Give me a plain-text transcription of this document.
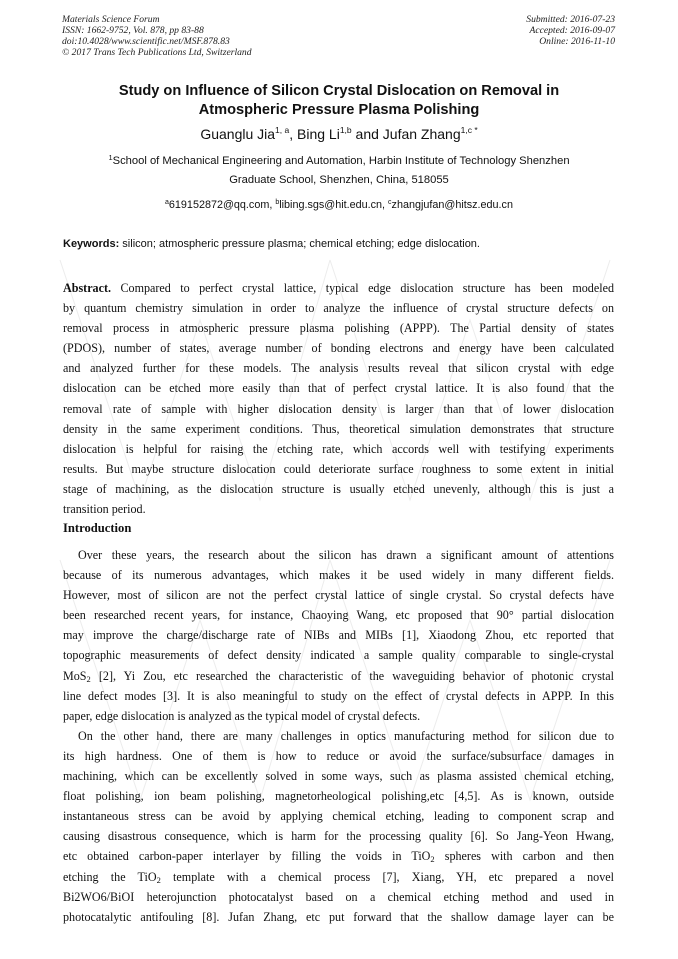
Materials Science Forum
ISSN: 1662-9752, Vol. 878, pp 83-88
doi:10.4028/www.scientific.net/MSF.878.83
© 2017 Trans Tech Publications Ltd, Switzerland
Submitted: 2016-07-23
Accepted: 2016-09-07
Online: 2016-11-10
Study on Influence of Silicon Crystal Dislocation on Removal in
Atmospheric Pressure Plasma Polishing
Guanglu Jia$^{1, a}$, Bing Li$^{1,b}$ and Jufan Zhang$^{1,c *}$
$^1$School of Mechanical Engineering and Automation, Harbin Institute of Technology Shenzhen
Graduate School, Shenzhen, China, 518055
$^a$619152872@qq.com, $^b$libing.sgs@hit.edu.cn, $^c$zhangjufan@hitsz.edu.cn
Keywords: silicon; atmospheric pressure plasma; chemical etching; edge dislocation.
Abstract. Compared to perfect crystal lattice, typical edge dislocation structure has been modeled
by quantum chemistry simulation in order to analyze the influence of crystal structure defects on
removal process in atmospheric pressure plasma polishing (APPP). The Partial density of states
(PDOS), number of states, average number of bonding electrons and energy have been calculated
and analyzed further for these models. The analysis results reveal that silicon crystal with edge
dislocation can be etched more easily than that of perfect crystal lattice. It is also found that the
removal rate of sample with higher dislocation density is larger than that of lower dislocation
density in the same experiment conditions. Thus, theoretical simulation demonstrates that structure
dislocation is helpful for raising the etching rate, which accords well with testifying experiments
results. But maybe structure dislocation could deteriorate surface roughness to some extent in initial
stage of machining, as the dislocation structure is usually etched unevenly, although this is just a
transition period.
Introduction
Over these years, the research about the silicon has drawn a significant amount of attentions
because of its numerous advantages, which makes it be used widely in many different fields.
However, most of silicon are not the perfect crystal lattice of single crystal. So crystal defects have
been researched recent years, for instance, Chaoying Wang, etc proposed that 90° partial dislocation
may improve the charge/discharge rate of NIBs and MIBs [1], Xiaodong Zhou, etc reported that
topographic measurements of defect density indicated a sample quality comparable to single-crystal
MoS$_2$ [2], Yi Zou, etc researched the characteristic of the waveguiding behavior of photonic crystal
line defect modes [3]. It is also meaningful to study on the effect of crystal defects in APPP. In this
paper, edge dislocation is analyzed as the typical model of crystal defects.
On the other hand, there are many challenges in optics manufacturing method for silicon due to
its high hardness. One of them is how to reduce or avoid the surface/subsurface damages in
machining, which can be excellently solved in some ways, such as plasma assisted chemical etching,
float polishing, ion beam polishing, magnetorheological polishing,etc [4,5]. As is known, outside
instantaneous stress can be avoid by applying chemical etching, leading to component scrap and
causing disastrous consequence, which is harm for the processing quality [6]. So Jang-Yeon Hwang,
etc obtained carbon-paper interlayer by filling the voids in TiO$_2$ spheres with carbon and then
etching the TiO$_2$ template with a chemical process [7], Xiang, YH, etc prepared a novel
Bi2WO6/BiOI heterojunction photocatalyst based on a chemical etching method and used in
photocatalytic antifouling [8]. Jufan Zhang, etc put forward that the shallow damage layer can be
